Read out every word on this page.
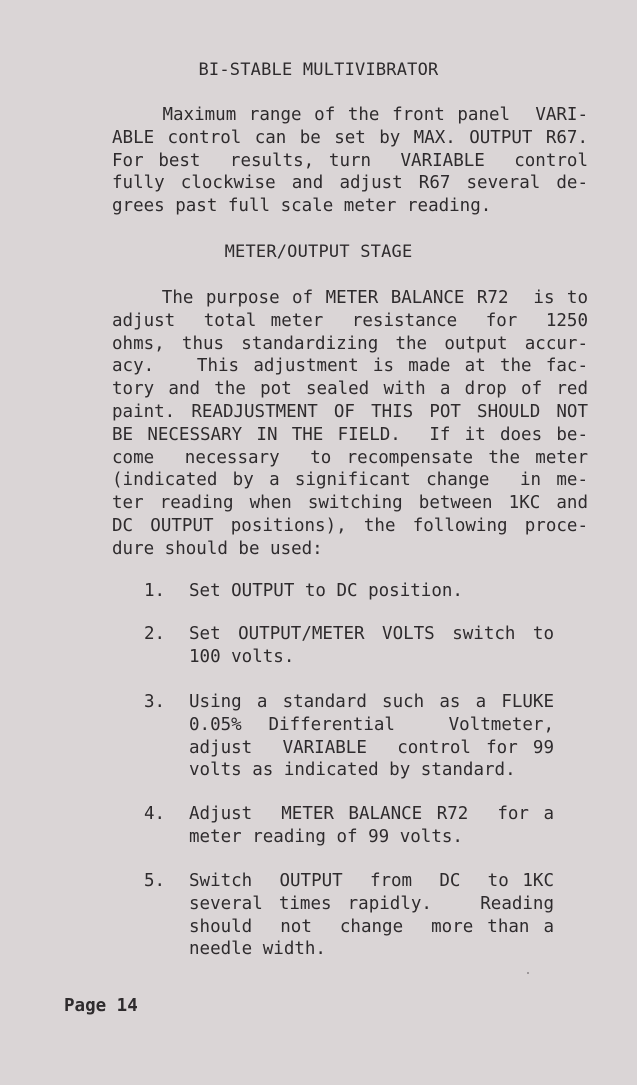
BI-STABLE MULTIVIBRATOR
Maximum range of the front panel  VARI-
ABLE control can be set by MAX. OUTPUT R67.
For best  results, turn  VARIABLE  control
fully clockwise and adjust R67 several de-
grees past full scale meter reading.
METER/OUTPUT STAGE
The purpose of METER BALANCE R72  is to
adjust  total meter  resistance  for  1250
ohms, thus standardizing the output accur-
acy.   This adjustment is made at the fac-
tory and the pot sealed with a drop of red
paint. READJUSTMENT OF THIS POT SHOULD NOT
BE NECESSARY IN THE FIELD.  If it does be-
come  necessary  to recompensate the meter
(indicated by a significant change  in me-
ter reading when switching between 1KC and
DC OUTPUT positions), the following proce-
dure should be used:
1.	Set OUTPUT to DC position.
2.	Set OUTPUT/METER VOLTS switch to
100 volts.
3.	Using a standard such as a FLUKE
0.05% Differential  Voltmeter,
adjust  VARIABLE  control for 99
volts as indicated by standard.
4.	Adjust  METER BALANCE R72  for a
meter reading of 99 volts.
5.	Switch  OUTPUT  from  DC  to 1KC
several times rapidly.   Reading
should  not  change  more than a
needle width.
Page 14
